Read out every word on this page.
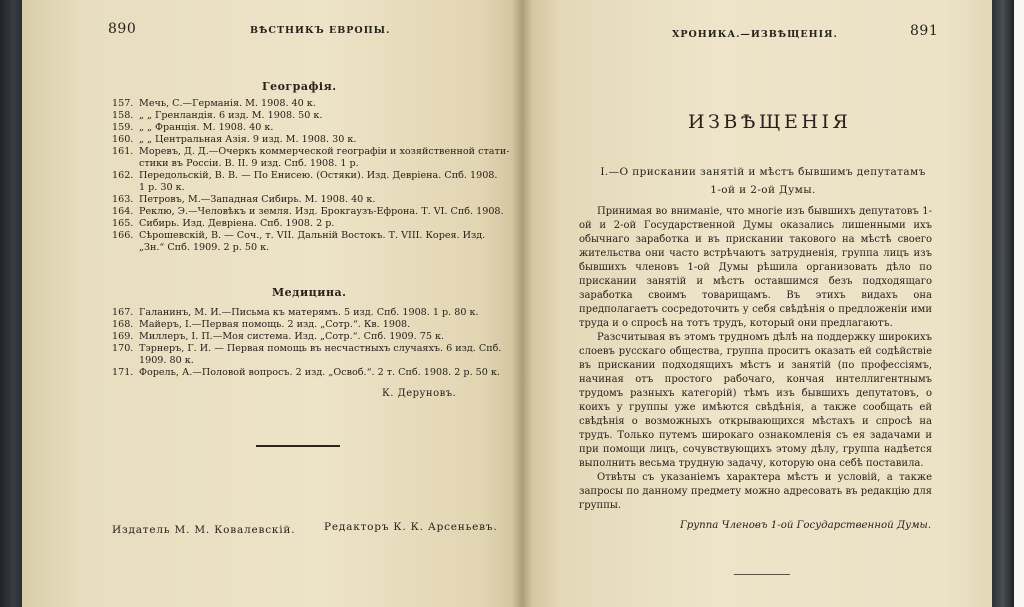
890	ВѢСТНИКЪ ЕВРОПЫ.
Географія.
157. Мечь, С.—Германія. М. 1908. 40 к.
158. „ „ Гренландія. 6 изд. М. 1908. 50 к.
159. „ „ Франція. М. 1908. 40 к.
160. „ „ Центральная Азія. 9 изд. М. 1908. 30 к.
161. Моревъ, Д. Д.—Очеркъ коммерческой географіи и хозяйственной стати-
стики въ Россіи. В. II. 9 изд. Спб. 1908. 1 р.
162. Передольскій, В. В. — По Енисею. (Остяки). Изд. Девріена. Спб. 1908.
1 р. 30 к.
163. Петровъ, М.—Западная Сибирь. М. 1908. 40 к.
164. Реклю, Э.—Человѣкъ и земля. Изд. Брокгаузъ-Ефрона. Т. VI. Спб. 1908.
165. Сибирь. Изд. Девріена. Спб. 1908. 2 р.
166. Сѣрошевскій, В. — Соч., т. VII. Дальній Востокъ. Т. VIII. Корея. Изд.
„Зн.“ Спб. 1909. 2 р. 50 к.
Медицина.
167. Галанинъ, М. И.—Письма къ матерямъ. 5 изд. Спб. 1908. 1 р. 80 к.
168. Майеръ, I.—Первая помощь. 2 изд. „Сотр.“. Кв. 1908.
169. Миллеръ, I. П.—Моя система. Изд. „Сотр.“. Спб. 1909. 75 к.
170. Тэрнеръ, Г. И. — Первая помощь въ несчастныхъ случаяхъ. 6 изд. Спб.
1909. 80 к.
171. Форель, А.—Половой вопросъ. 2 изд. „Освоб.“. 2 т. Спб. 1908. 2 р. 50 к.
К. Деруновъ.
Издатель М. М. Ковалевскій.	Редакторъ К. К. Арсеньевъ.
ХРОНИКА.—ИЗВѢЩЕНІЯ.	891
ИЗВѢЩЕНІЯ
I.—О прискании занятій и мѣстъ бывшимъ депутатамъ
1-ой и 2-ой Думы.

Принимая во вниманіе, что многіе изъ бывшихъ депутатовъ 1-ой и 2-ой Государственной Думы оказались лишенными ихъ обычнаго заработка и въ прискании такового на мѣстѣ своего жительства они часто встрѣчаютъ затрудненія, группа лицъ изъ бывшихъ членовъ 1-ой Думы рѣшила организовать дѣло по прискании занятій и мѣстъ оставшимся безъ подходящаго заработка своимъ товарищамъ. Въ этихъ видахъ она предполагаетъ сосредоточить у себя свѣдѣнія о предложеніи ими труда и о спросѣ на тотъ трудъ, который они предлагаютъ.

Разсчитывая въ этомъ трудномъ дѣлѣ на поддержку широкихъ слоевъ русскаго общества, группа проситъ оказать ей содѣйствіе въ прискании подходящихъ мѣстъ и занятій (по профессіямъ, начиная отъ простого рабочаго, кончая интеллигентнымъ трудомъ разныхъ категорій) тѣмъ изъ бывшихъ депутатовъ, о коихъ у группы уже имѣются свѣдѣнія, а также сообщать ей свѣдѣнія о возможныхъ открывающихся мѣстахъ и спросѣ на трудъ. Только путемъ широкаго ознакомленія съ ея задачами и при помощи лицъ, сочувствующихъ этому дѣлу, группа надѣется выполнить весьма трудную задачу, которую она себѣ поставила.

Отвѣты съ указаніемъ характера мѣстъ и условій, а также запросы по данному предмету можно адресовать въ редакцію для группы.

Группа Членовъ 1-ой Государственной Думы.
